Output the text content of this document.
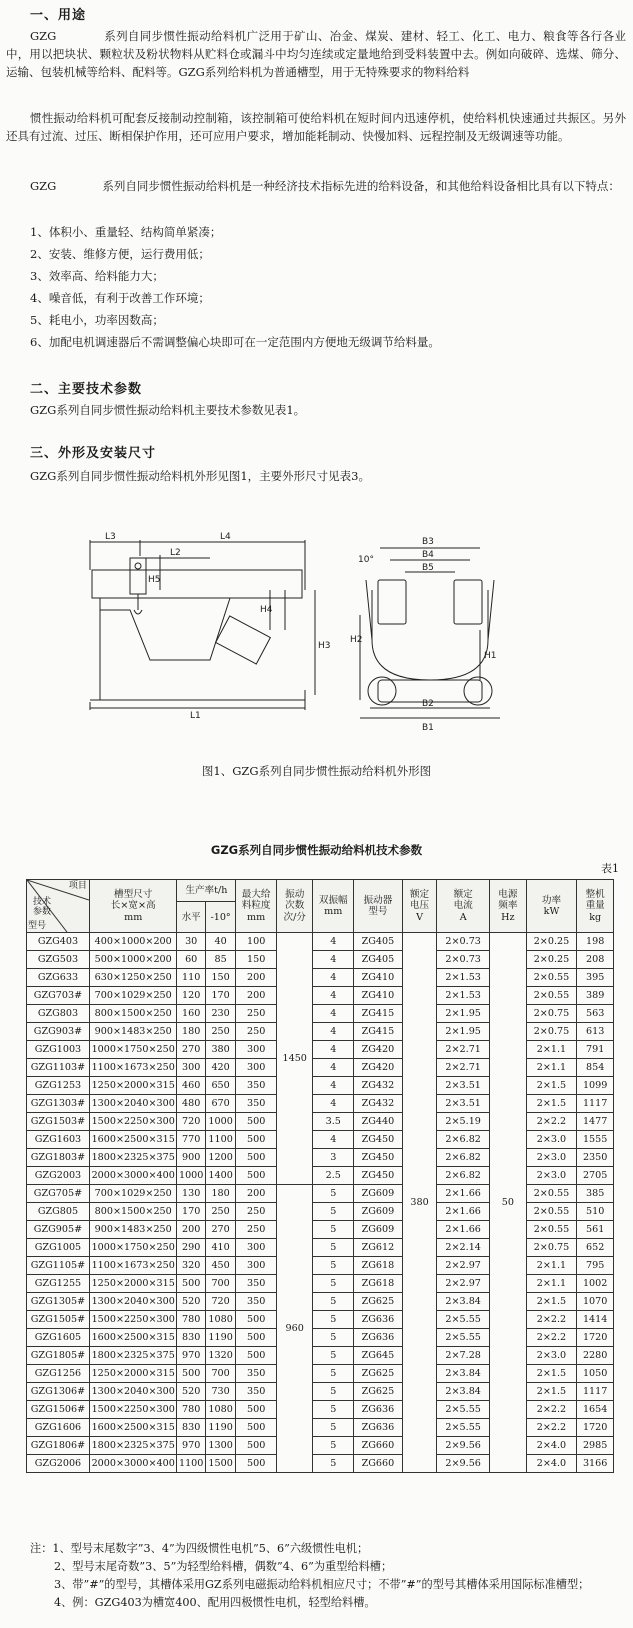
一、用途

GZG　　　　系列自同步惯性振动给料机广泛用于矿山、冶金、煤炭、建材、轻工、化工、电力、粮食等各行各业中，用以把块状、颗粒状及粉状物料从贮料仓或漏斗中均匀连续或定量地给到受料装置中去。例如向破碎、选煤、筛分、运输、包装机械等给料、配料等。GZG系列给料机为普通槽型，用于无特殊要求的物料给料

惯性振动给料机可配套反接制动控制箱，该控制箱可使给料机在短时间内迅速停机，使给料机快速通过共振区。另外还具有过流、过压、断相保护作用，还可应用户要求，增加能耗制动、快慢加料、远程控制及无级调速等功能。

GZG　　　　系列自同步惯性振动给料机是一种经济技术指标先进的给料设备，和其他给料设备相比具有以下特点：

1、体积小、重量轻、结构简单紧凑；
2、安装、维修方便，运行费用低；
3、效率高、给料能力大；
4、噪音低，有利于改善工作环境；
5、耗电小，功率因数高；
6、加配电机调速器后不需调整偏心块即可在一定范围内方便地无级调节给料量。
二、主要技术参数

GZG系列自同步惯性振动给料机主要技术参数见表1。

三、外形及安装尺寸

GZG系列自同步惯性振动给料机外形见图1，主要外形尺寸见表3。

L3
L2
L4
H5
H4
H3
L1
B3
10°	B4
B5
H2
H1
B2
B1
图1、GZG系列自同步惯性振动给料机外形图
GZG系列自同步惯性振动给料机技术参数
表1
项目
技术
参数
型号	槽型尺寸
长×宽×高
mm	生产率t/h		最大给
料粒度
mm	振动
次数
次/分	双振幅
mm	振动器
型号	额定
电压
V	额定
电流
A	电源
频率
Hz	功率
kW	整机
重量
kg
		水平	-10°									
GZG403	400×1000×200	30	40	100	1450	4	ZG405	380	2×0.73	50	2×0.25	198
GZG503	500×1000×200	60	85	150		4	ZG405		2×0.73		2×0.25	208
GZG633	630×1250×250	110	150	200		4	ZG410		2×1.53		2×0.55	395
GZG703#	700×1029×250	120	170	200		4	ZG410		2×1.53		2×0.55	389
GZG803	800×1500×250	160	230	250		4	ZG415		2×1.95		2×0.75	563
GZG903#	900×1483×250	180	250	250		4	ZG415		2×1.95		2×0.75	613
GZG1003	1000×1750×250	270	380	300		4	ZG420		2×2.71		2×1.1	791
GZG1103#	1100×1673×250	300	420	300		4	ZG420		2×2.71		2×1.1	854
GZG1253	1250×2000×315	460	650	350		4	ZG432		2×3.51		2×1.5	1099
GZG1303#	1300×2040×300	480	670	350		4	ZG432		2×3.51		2×1.5	1117
GZG1503#	1500×2250×300	720	1000	500		3.5	ZG440		2×5.19		2×2.2	1477
GZG1603	1600×2500×315	770	1100	500		4	ZG450		2×6.82		2×3.0	1555
GZG1803#	1800×2325×375	900	1200	500		3	ZG450		2×6.82		2×3.0	2350
GZG2003	2000×3000×400	1000	1400	500		2.5	ZG450		2×6.82		2×3.0	2705
GZG705#	700×1029×250	130	180	200	960	5	ZG609		2×1.66		2×0.55	385
GZG805	800×1500×250	170	250	250		5	ZG609		2×1.66		2×0.55	510
GZG905#	900×1483×250	200	270	250		5	ZG609		2×1.66		2×0.55	561
GZG1005	1000×1750×250	290	410	300		5	ZG612		2×2.14		2×0.75	652
GZG1105#	1100×1673×250	320	450	300		5	ZG618		2×2.97		2×1.1	795
GZG1255	1250×2000×315	500	700	350		5	ZG618		2×2.97		2×1.1	1002
GZG1305#	1300×2040×300	520	720	350		5	ZG625		2×3.84		2×1.5	1070
GZG1505#	1500×2250×300	780	1080	500		5	ZG636		2×5.55		2×2.2	1414
GZG1605	1600×2500×315	830	1190	500		5	ZG636		2×5.55		2×2.2	1720
GZG1805#	1800×2325×375	970	1320	500		5	ZG645		2×7.28		2×3.0	2280
GZG1256	1250×2000×315	500	700	350		5	ZG625		2×3.84		2×1.5	1050
GZG1306#	1300×2040×300	520	730	350		5	ZG625		2×3.84		2×1.5	1117
GZG1506#	1500×2250×300	780	1080	500		5	ZG636		2×5.55		2×2.2	1654
GZG1606	1600×2500×315	830	1190	500		5	ZG636		2×5.55		2×2.2	1720
GZG1806#	1800×2325×375	970	1300	500		5	ZG660		2×9.56		2×4.0	2985
GZG2006	2000×3000×400	1100	1500	500		5	ZG660		2×9.56		2×4.0	3166
注：1、型号末尾数字”3、4”为四级惯性电机”5、6”六级惯性电机；
2、型号末尾奇数”3、5”为轻型给料槽，偶数”4、6”为重型给料槽；
3、带”#”的型号，其槽体采用GZ系列电磁振动给料机相应尺寸；不带”#”的型号其槽体采用国际标准槽型；
4、例：GZG403为槽宽400、配用四极惯性电机，轻型给料槽。
